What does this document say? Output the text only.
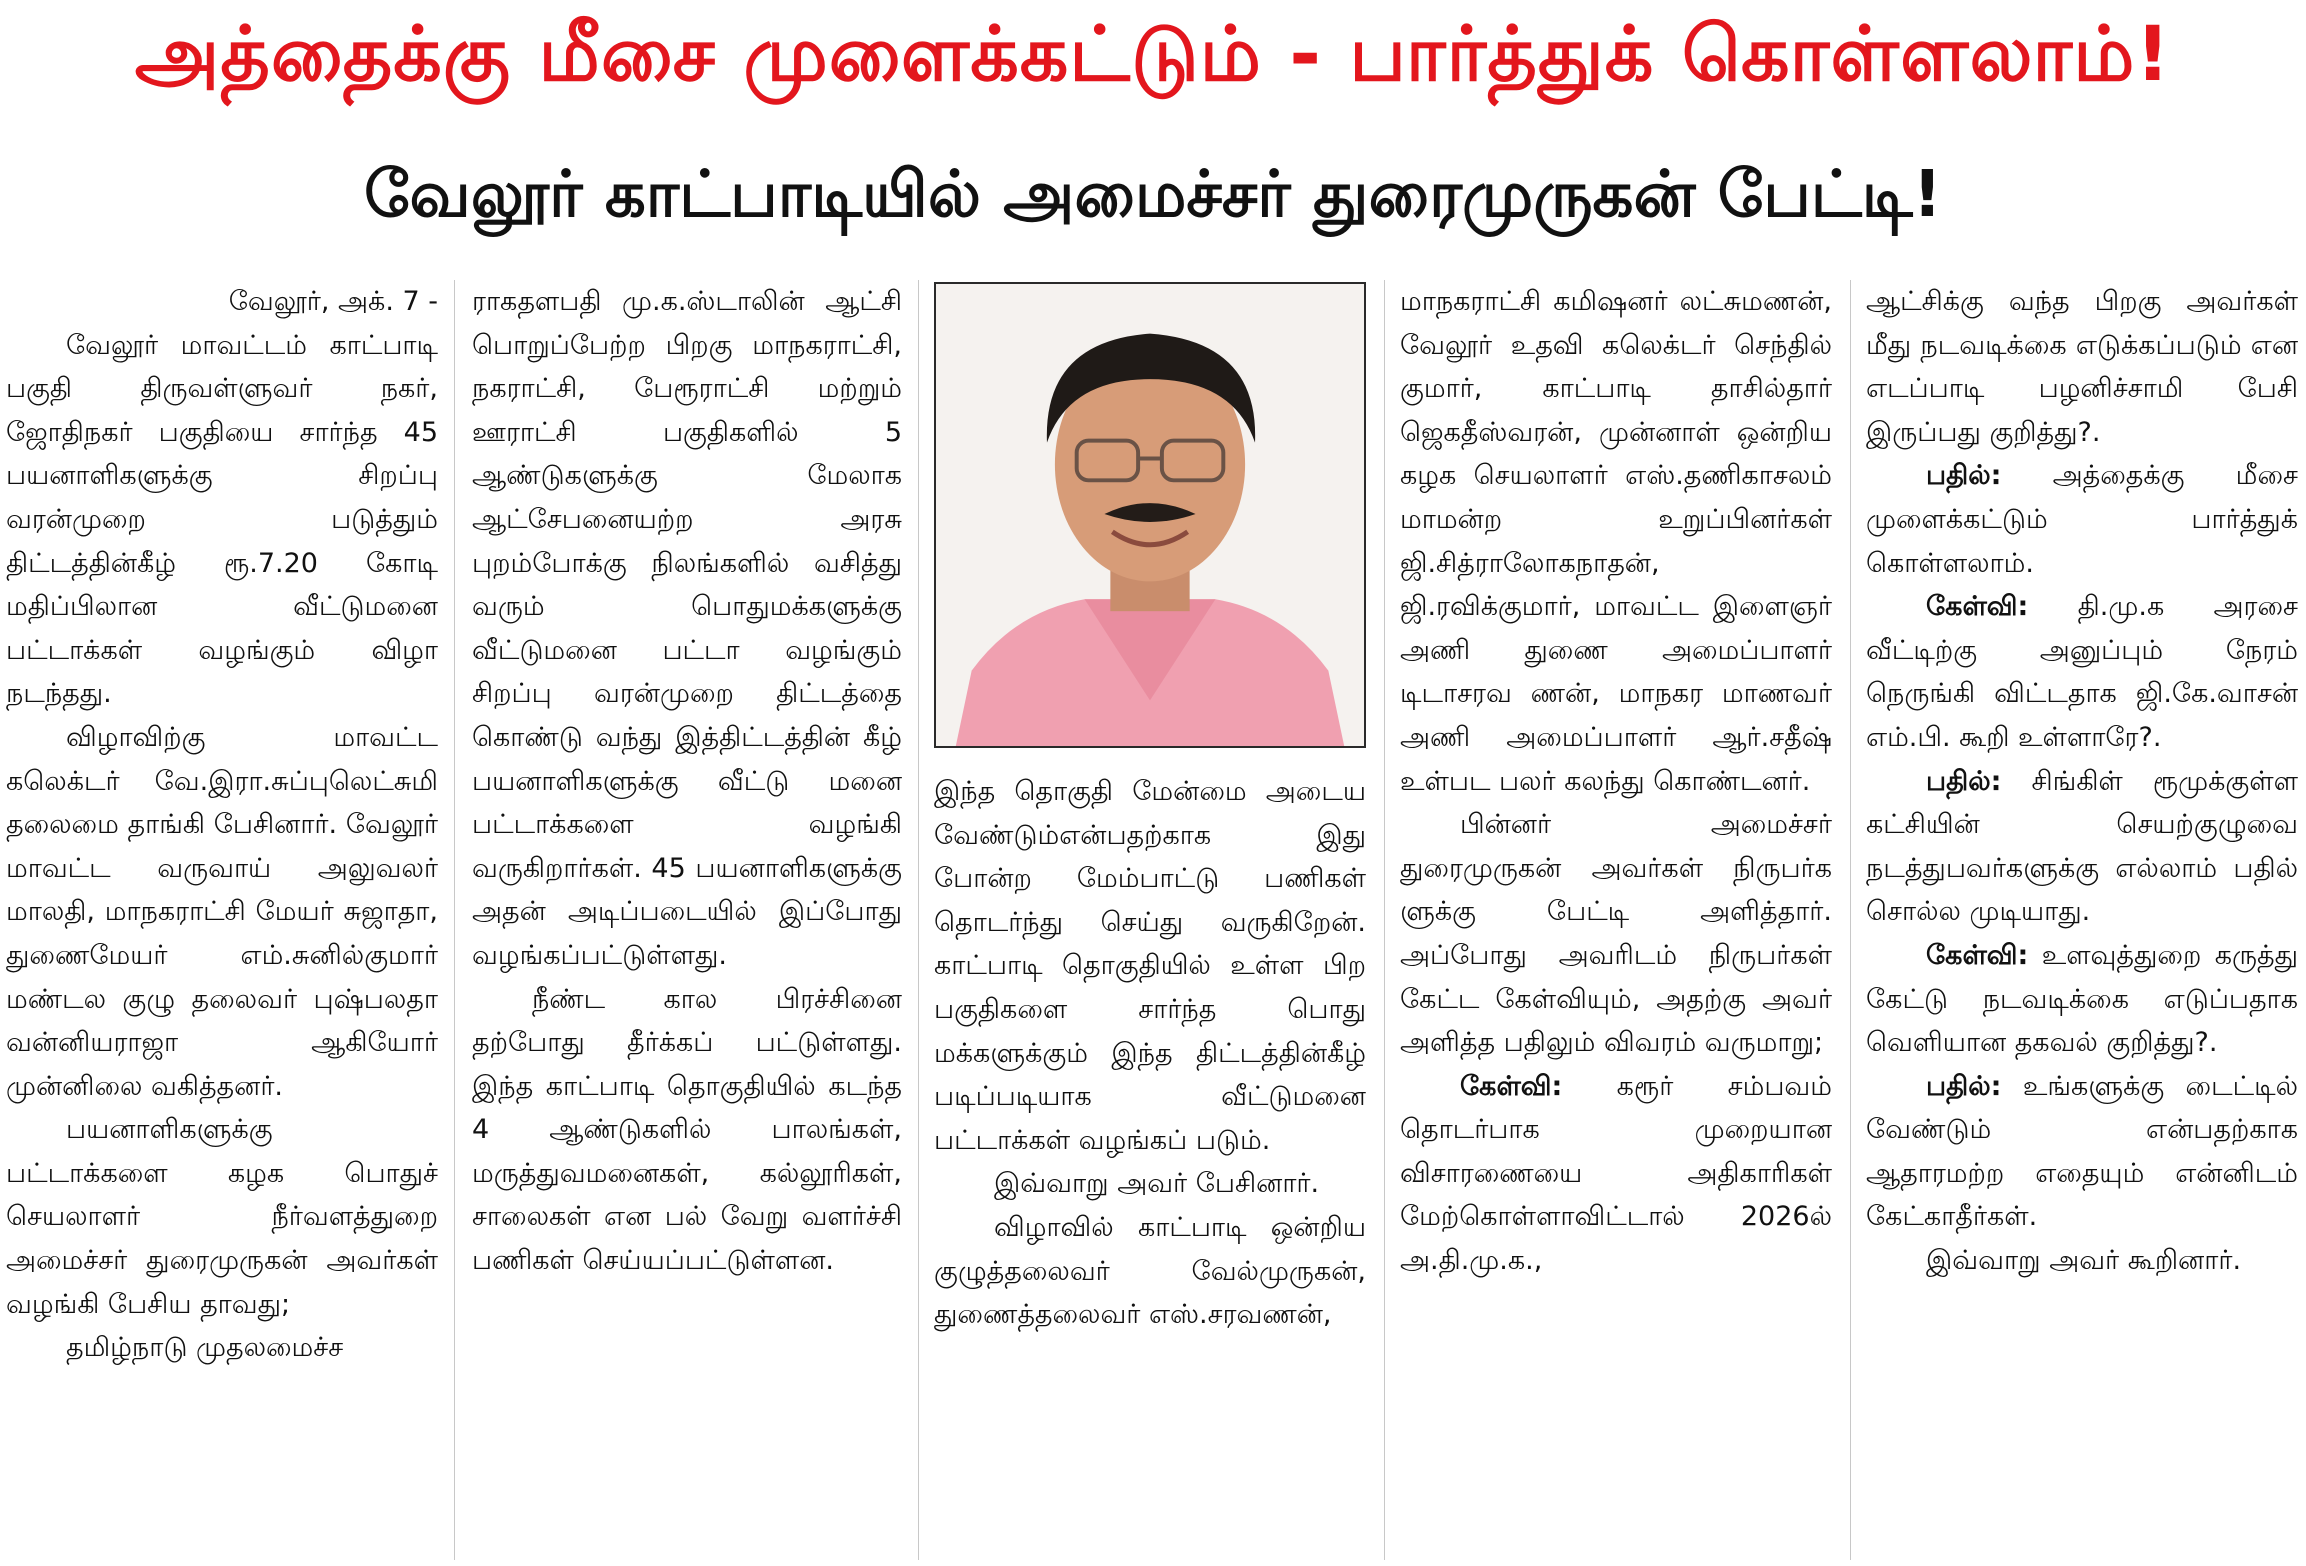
அத்தைக்கு மீசை முளைக்கட்டும் - பார்த்துக் கொள்ளலாம்!
வேலூர் காட்பாடியில் அமைச்சர் துரைமுருகன் பேட்டி!

வேலூர், அக். 7 -

வேலூர் மாவட்டம் காட்பாடி பகுதி திருவள்ளுவர் நகர், ஜோதிநகர் பகுதியை சார்ந்த 45 பயனாளிகளுக்கு சிறப்பு வரன்முறை படுத்தும் திட்டத்தின்கீழ் ரூ.7.20 கோடி மதிப்பிலான வீட்டுமனை பட்டாக்கள் வழங்கும் விழா நடந்தது.

விழாவிற்கு மாவட்ட கலெக்டர் வே.இரா.சுப்புலெட்சுமி தலைமை தாங்கி பேசினார். வேலூர் மாவட்ட வருவாய் அலுவலர் மாலதி, மாநகராட்சி மேயர் சுஜாதா, துணைமேயர் எம்.சுனில்குமார் மண்டல குழு தலைவர் புஷ்பலதா வன்னியராஜா ஆகியோர் முன்னிலை வகித்தனர்.

பயனாளிகளுக்கு பட்டாக்களை கழக பொதுச் செயலாளர் நீர்வளத்துறை அமைச்சர் துரைமுருகன் அவர்கள் வழங்கி பேசிய தாவது;

தமிழ்நாடு முதலமைச்ச

ராகதளபதி மு.க.ஸ்டாலின் ஆட்சி பொறுப்பேற்ற பிறகு மாநகராட்சி, நகராட்சி, பேரூராட்சி மற்றும் ஊராட்சி பகுதிகளில் 5 ஆண்டுகளுக்கு மேலாக ஆட்சேபனையற்ற அரசு புறம்போக்கு நிலங்களில் வசித்து வரும் பொதுமக்களுக்கு வீட்டுமனை பட்டா வழங்கும் சிறப்பு வரன்முறை திட்டத்தை கொண்டு வந்து இத்திட்டத்தின் கீழ் பயனாளிகளுக்கு வீட்டு மனை பட்டாக்களை வழங்கி வருகிறார்கள். 45 பயனாளிகளுக்கு அதன் அடிப்படையில் இப்போது வழங்கப்பட்டுள்ளது.

நீண்ட கால பிரச்சினை தற்போது தீர்க்கப் பட்டுள்ளது. இந்த காட்பாடி தொகுதியில் கடந்த 4 ஆண்டுகளில் பாலங்கள், மருத்துவமனைகள், கல்லூரிகள், சாலைகள் என பல் வேறு வளர்ச்சி பணிகள் செய்யப்பட்டுள்ளன.

இந்த தொகுதி மேன்மை அடைய வேண்டும்என்பதற்காக இது போன்ற மேம்பாட்டு பணிகள் தொடர்ந்து செய்து வருகிறேன். காட்பாடி தொகுதியில் உள்ள பிற பகுதிகளை சார்ந்த பொது மக்களுக்கும் இந்த திட்டத்தின்கீழ் படிப்படியாக வீட்டுமனை பட்டாக்கள் வழங்கப் படும்.

இவ்வாறு அவர் பேசினார்.

விழாவில் காட்பாடி ஒன்றிய குழுத்தலைவர் வேல்முருகன், துணைத்தலைவர் எஸ்.சரவணன்,

மாநகராட்சி கமிஷனர் லட்சுமணன், வேலூர் உதவி கலெக்டர் செந்தில் குமார், காட்பாடி தாசில்தார் ஜெகதீஸ்வரன், முன்னாள் ஒன்றிய கழக செயலாளர் எஸ்.தணிகாசலம் மாமன்ற உறுப்பினர்கள் ஜி.சித்ராலோகநாதன், ஜி.ரவிக்குமார், மாவட்ட இளைஞர் அணி துணை அமைப்பாளர் டிடாசரவ ணன், மாநகர மாணவர் அணி அமைப்பாளர் ஆர்.சதீஷ் உள்பட பலர் கலந்து கொண்டனர்.

பின்னர் அமைச்சர் துரைமுருகன் அவர்கள் நிருபர்க ளுக்கு பேட்டி அளித்தார். அப்போது அவரிடம் நிருபர்கள் கேட்ட கேள்வியும், அதற்கு அவர் அளித்த பதிலும் விவரம் வருமாறு;

கேள்வி: கரூர் சம்பவம் தொடர்பாக முறையான விசாரணையை அதிகாரிகள் மேற்கொள்ளாவிட்டால் 2026ல் அ.தி.மு.க.,

ஆட்சிக்கு வந்த பிறகு அவர்கள் மீது நடவடிக்கை எடுக்கப்படும் என எடப்பாடி பழனிச்சாமி பேசி இருப்பது குறித்து?.

பதில்: அத்தைக்கு மீசை முளைக்கட்டும் பார்த்துக் கொள்ளலாம்.

கேள்வி: தி.மு.க அரசை வீட்டிற்கு அனுப்பும் நேரம் நெருங்கி விட்டதாக ஜி.கே.வாசன் எம்.பி. கூறி உள்ளாரே?.

பதில்: சிங்கிள் ரூமுக்குள்ள கட்சியின் செயற்குழுவை நடத்துபவர்களுக்கு எல்லாம் பதில் சொல்ல முடியாது.

கேள்வி: உளவுத்துறை கருத்து கேட்டு நடவடிக்கை எடுப்பதாக வெளியான தகவல் குறித்து?.

பதில்: உங்களுக்கு டைட்டில் வேண்டும் என்பதற்காக ஆதாரமற்ற எதையும் என்னிடம் கேட்காதீர்கள்.

இவ்வாறு அவர் கூறினார்.
